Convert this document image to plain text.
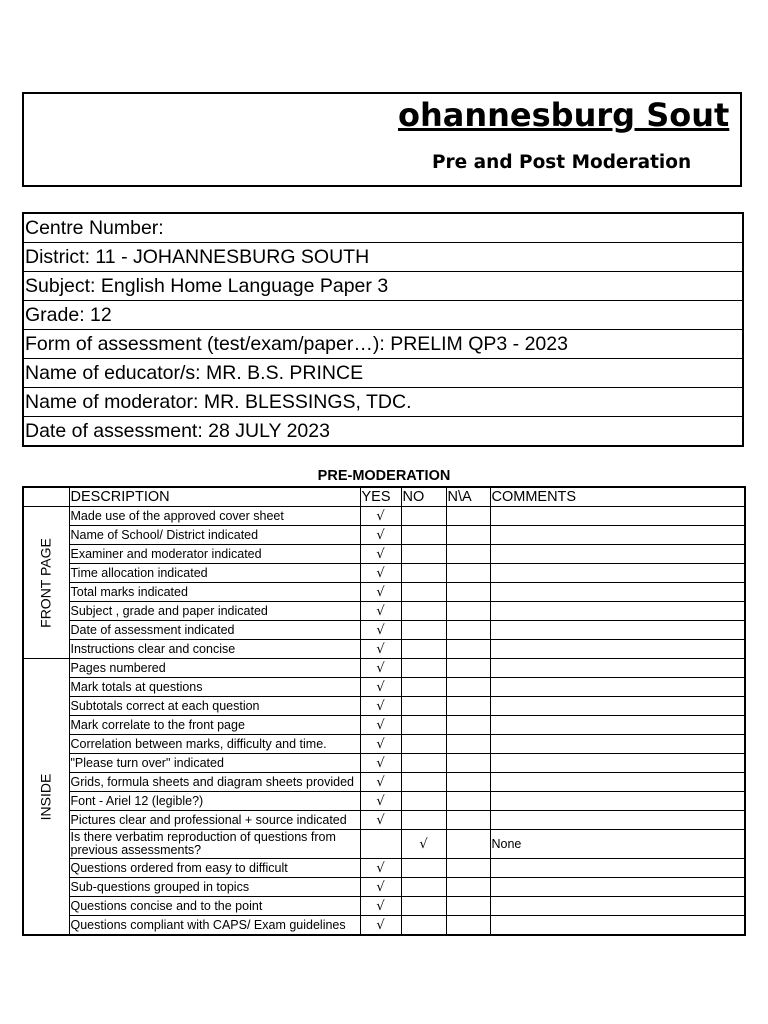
ohannesburg Sout
Pre and Post Moderation
Centre Number:
District: 11 - JOHANNESBURG SOUTH
Subject: English Home Language Paper 3
Grade: 12
Form of assessment (test/exam/paper…): PRELIM QP3 - 2023
Name of educator/s: MR. B.S. PRINCE
Name of moderator: MR. BLESSINGS, TDC.
Date of assessment: 28 JULY 2023
PRE-MODERATION
	DESCRIPTION	YES	NO	N\A	COMMENTS

FRONT PAGE	Made use of the approved cover sheet	√			
	Name of School/ District indicated	√			
	Examiner and moderator indicated	√			
	Time allocation indicated	√			
	Total marks indicated	√			
	Subject , grade and paper indicated	√			
	Date of assessment indicated	√			
	Instructions clear and concise	√			

INSIDE	Pages numbered	√			
	Mark totals at questions	√			
	Subtotals correct at each question	√			
	Mark correlate to the front page	√			
	Correlation between marks, difficulty and time.	√			
	"Please turn over" indicated	√			
	Grids, formula sheets and diagram sheets provided	√			
	Font - Ariel 12 (legible?)	√			
	Pictures clear and professional + source indicated	√			
	Is there verbatim reproduction of questions from previous assessments?		√		None
	Questions ordered from easy to difficult	√			
	Sub-questions grouped in topics	√			
	Questions concise and to the point	√			
	Questions compliant with CAPS/ Exam guidelines	√			
